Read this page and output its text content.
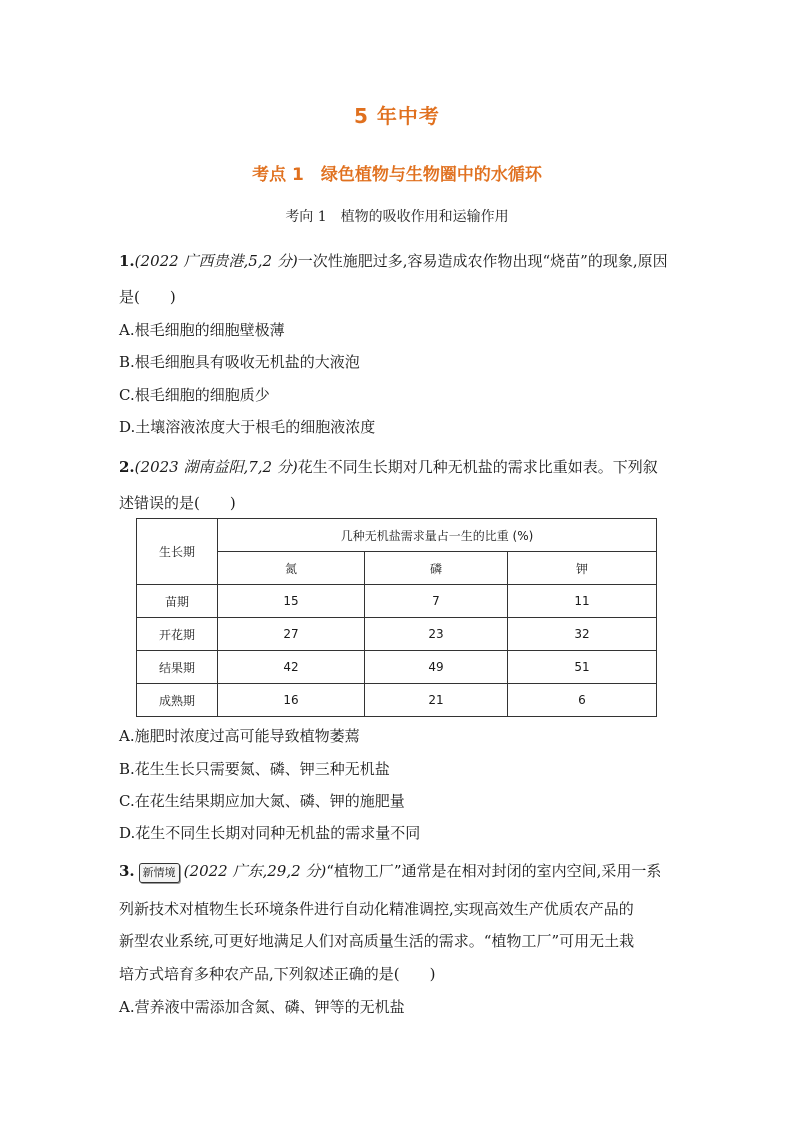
5 年中考
考点 1　绿色植物与生物圈中的水循环
考向 1　植物的吸收作用和运输作用
1.(2022 广西贵港,5,2 分)一次性施肥过多,容易造成农作物出现“烧苗”的现象,原因
是(　　)
A.根毛细胞的细胞壁极薄
B.根毛细胞具有吸收无机盐的大液泡
C.根毛细胞的细胞质少
D.土壤溶液浓度大于根毛的细胞液浓度
2.(2023 湖南益阳,7,2 分)花生不同生长期对几种无机盐的需求比重如表。下列叙
述错误的是(　　)
生长期	几种无机盐需求量占一生的比重 (%)		
	氮	磷	钾
苗期	15	7	11
开花期	27	23	32
结果期	42	49	51
成熟期	16	21	6
A.施肥时浓度过高可能导致植物萎蔫
B.花生生长只需要氮、磷、钾三种无机盐
C.在花生结果期应加大氮、磷、钾的施肥量
D.花生不同生长期对同种无机盐的需求量不同
3. 新情境 (2022 广东,29,2 分)“植物工厂”通常是在相对封闭的室内空间,采用一系
列新技术对植物生长环境条件进行自动化精准调控,实现高效生产优质农产品的
新型农业系统,可更好地满足人们对高质量生活的需求。“植物工厂”可用无土栽
培方式培育多种农产品,下列叙述正确的是(　　)
A.营养液中需添加含氮、磷、钾等的无机盐
